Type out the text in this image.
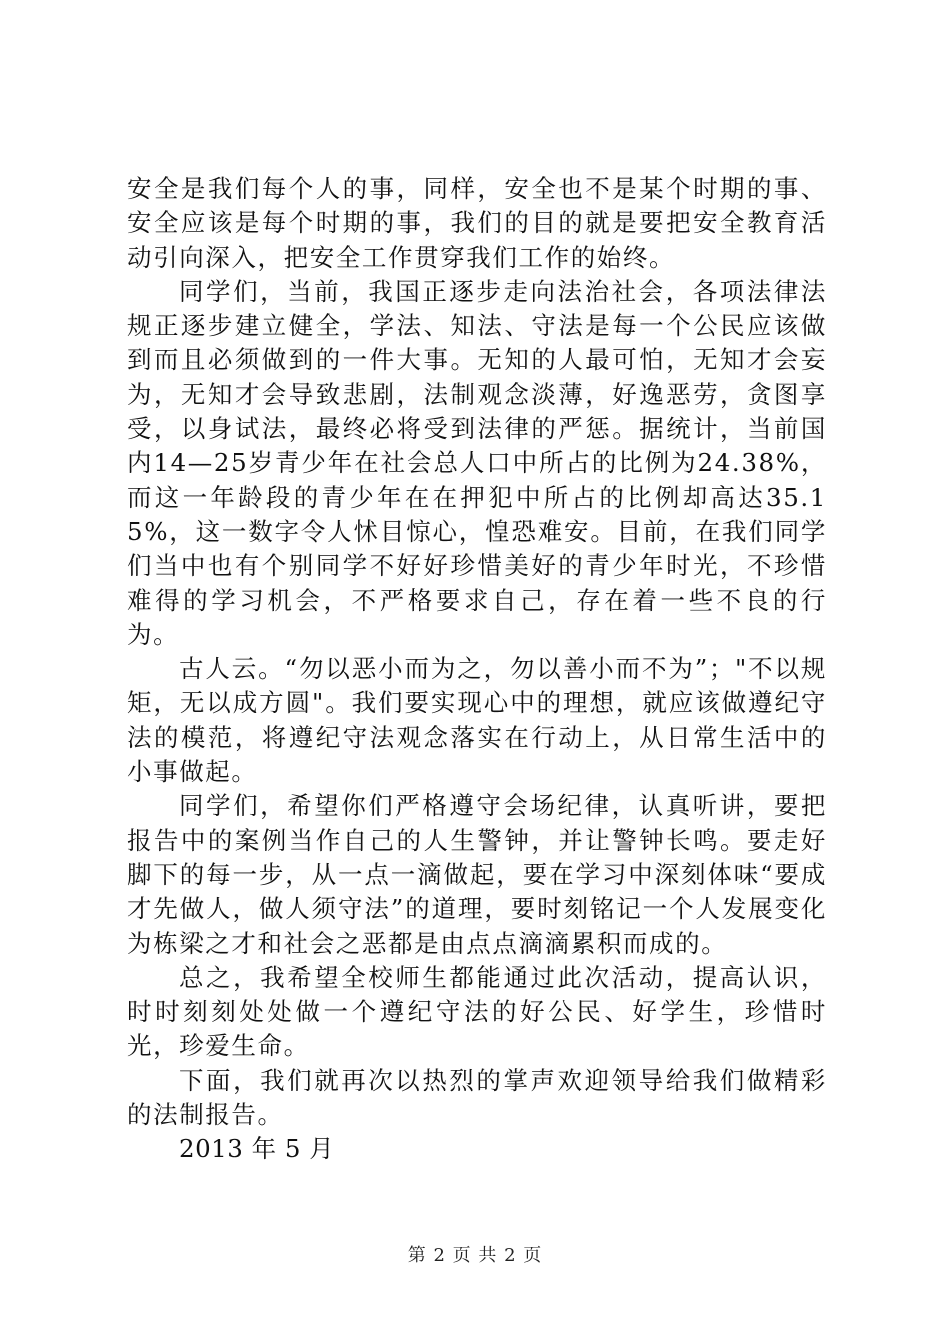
安全是我们每个人的事，同样，安全也不是某个时期的事、安全应该是每个时期的事，我们的目的就是要把安全教育活动引向深入，把安全工作贯穿我们工作的始终。

同学们，当前，我国正逐步走向法治社会，各项法律法规正逐步建立健全，学法、知法、守法是每一个公民应该做到而且必须做到的一件大事。无知的人最可怕，无知才会妄为，无知才会导致悲剧，法制观念淡薄，好逸恶劳，贪图享受，以身试法，最终必将受到法律的严惩。据统计，当前国内14—25岁青少年在社会总人口中所占的比例为24.38%，而这一年龄段的青少年在在押犯中所占的比例却高达35.15%，这一数字令人怵目惊心，惶恐难安。目前，在我们同学们当中也有个别同学不好好珍惜美好的青少年时光，不珍惜难得的学习机会，不严格要求自己，存在着一些不良的行为。

古人云。“勿以恶小而为之，勿以善小而不为”；"不以规矩，无以成方圆"。我们要实现心中的理想，就应该做遵纪守法的模范，将遵纪守法观念落实在行动上，从日常生活中的小事做起。

同学们，希望你们严格遵守会场纪律，认真听讲，要把报告中的案例当作自己的人生警钟，并让警钟长鸣。要走好脚下的每一步，从一点一滴做起，要在学习中深刻体味“要成才先做人，做人须守法”的道理，要时刻铭记一个人发展变化为栋梁之才和社会之恶都是由点点滴滴累积而成的。

总之，我希望全校师生都能通过此次活动，提高认识，时时刻刻处处做一个遵纪守法的好公民、好学生，珍惜时光，珍爱生命。

下面，我们就再次以热烈的掌声欢迎领导给我们做精彩的法制报告。

2013 年 5 月

第 2 页 共 2 页
